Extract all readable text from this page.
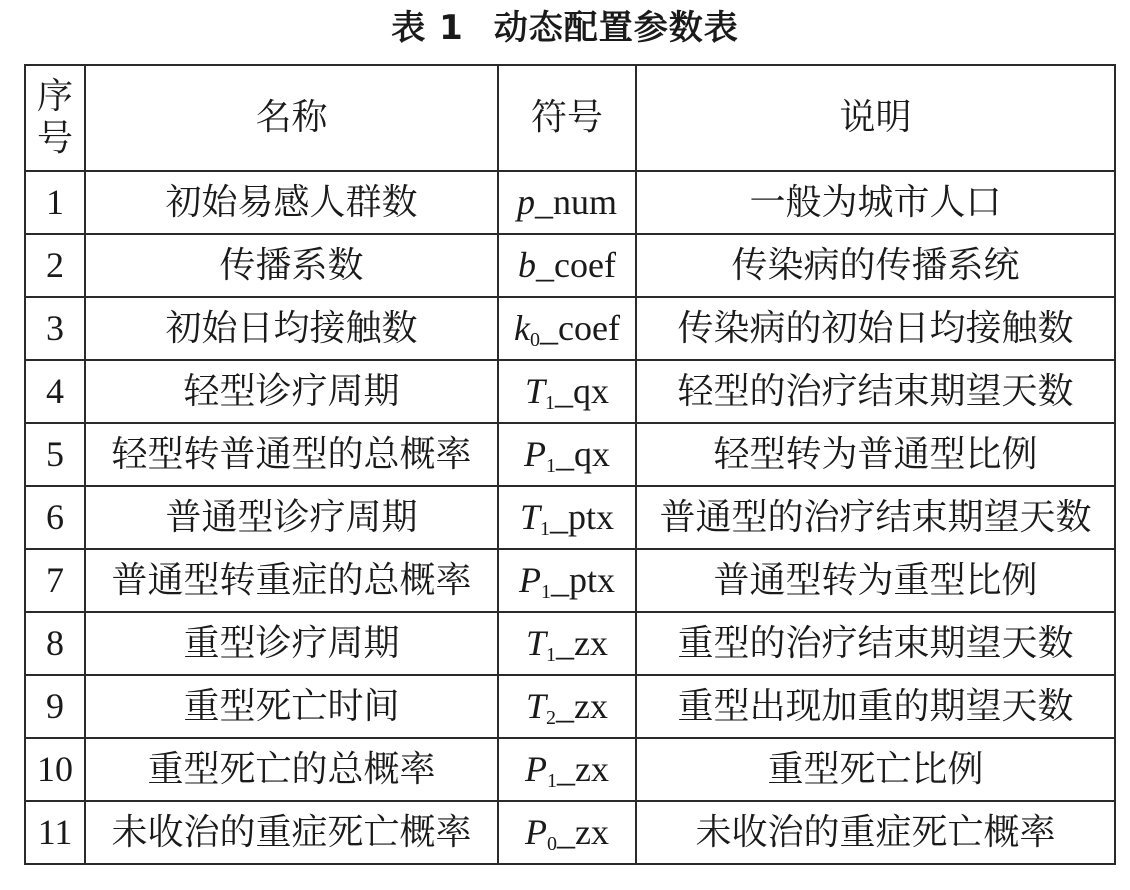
表 1 动态配置参数表
序
号	名称	符号	说明
1	初始易感人群数	p_num	一般为城市人口
2	传播系数	b_coef	传染病的传播系统
3	初始日均接触数	$k_0\_coef$	传染病的初始日均接触数
4	轻型诊疗周期	$T_1\_qx$	轻型的治疗结束期望天数
5	轻型转普通型的总概率	$P_1\_qx$	轻型转为普通型比例
6	普通型诊疗周期	$T_1\_ptx$	普通型的治疗结束期望天数
7	普通型转重症的总概率	$P_1\_ptx$	普通型转为重型比例
8	重型诊疗周期	$T_1\_zx$	重型的治疗结束期望天数
9	重型死亡时间	$T_2\_zx$	重型出现加重的期望天数
10	重型死亡的总概率	$P_1\_zx$	重型死亡比例
11	未收治的重症死亡概率	$P_0\_zx$	未收治的重症死亡概率
